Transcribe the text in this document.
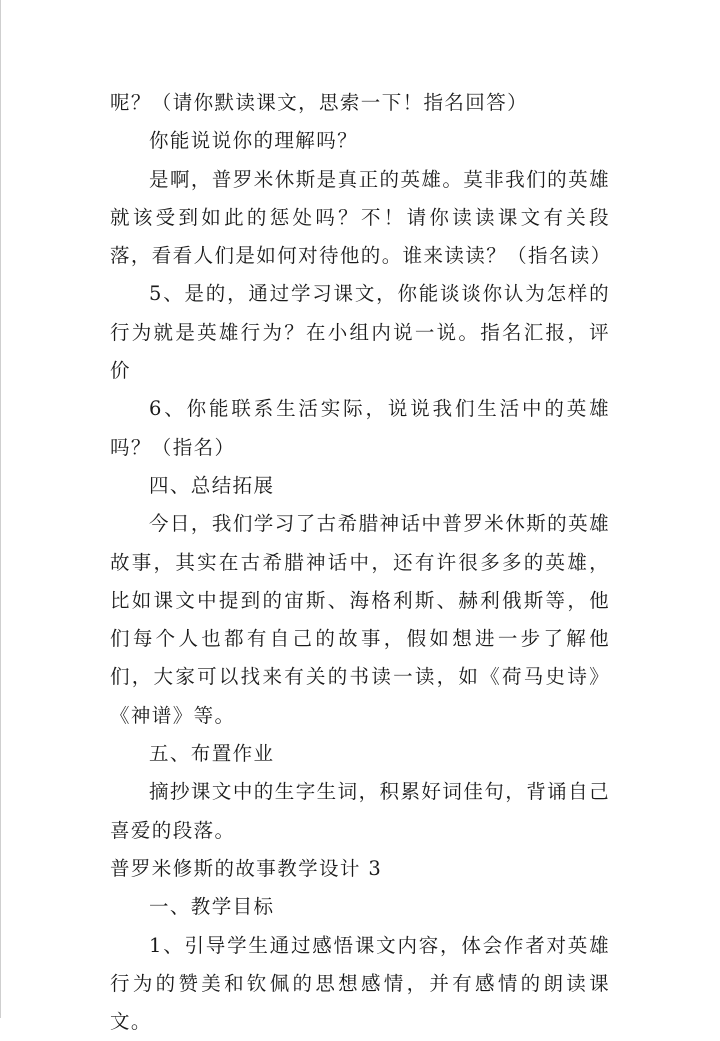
呢？（请你默读课文，思索一下！指名回答）

你能说说你的理解吗？

是啊，普罗米休斯是真正的英雄。莫非我们的英雄就该受到如此的惩处吗？不！请你读读课文有关段落，看看人们是如何对待他的。谁来读读？（指名读）

5、是的，通过学习课文，你能谈谈你认为怎样的行为就是英雄行为？在小组内说一说。指名汇报，评价

6、你能联系生活实际，说说我们生活中的英雄吗？（指名）

四、总结拓展

今日，我们学习了古希腊神话中普罗米休斯的英雄故事，其实在古希腊神话中，还有许很多多的英雄，比如课文中提到的宙斯、海格利斯、赫利俄斯等，他们每个人也都有自己的故事，假如想进一步了解他们，大家可以找来有关的书读一读，如《荷马史诗》《神谱》等。

五、布置作业

摘抄课文中的生字生词，积累好词佳句，背诵自己喜爱的段落。

普罗米修斯的故事教学设计 3

一、教学目标

1、引导学生通过感悟课文内容，体会作者对英雄行为的赞美和钦佩的思想感情，并有感情的朗读课文。
